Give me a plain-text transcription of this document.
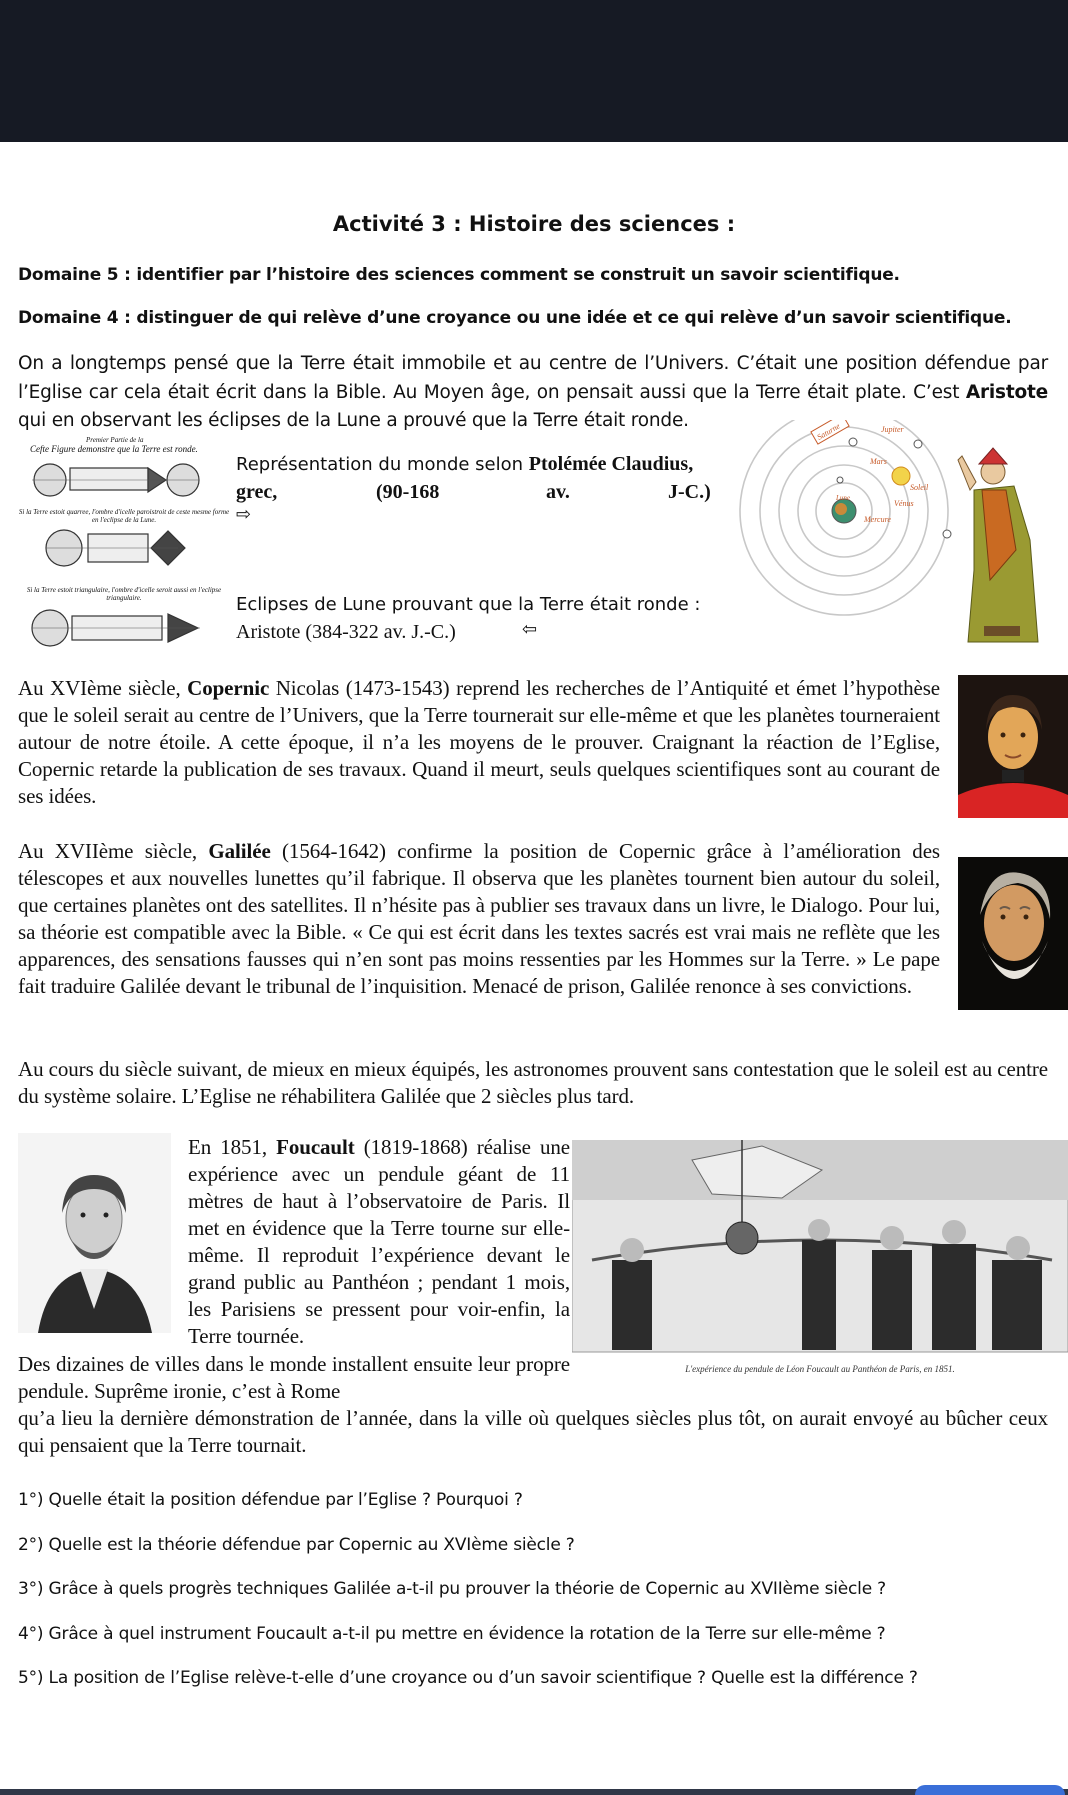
Activité 3 : Histoire des sciences :
Domaine 5 : identifier par l’histoire des sciences comment se construit un savoir scientifique.
Domaine 4 : distinguer de qui relève d’une croyance ou une idée et ce qui relève d’un savoir scientifique.
On a longtemps pensé que la Terre était immobile et au centre de l’Univers. C’était une position défendue par l’Eglise car cela était écrit dans la Bible. Au Moyen âge, on pensait aussi que la Terre était plate. C’est Aristote qui en observant les éclipses de la Lune a prouvé que la Terre était ronde.
Premier Partie de la
Cefte Figure demonstre que la Terre est ronde.
Si la Terre estoit quarree, l'ombre d'icelle paroistroit de ceste mesme forme en l'eclipse de la Lune.
Si la Terre estoit triangulaire, l'ombre d'icelle seroit aussi en l'eclipse triangulaire.
Représentation du monde selon Ptolémée Claudius,
grec,	(90-168	av.	J-C.)
⇨
Eclipses de Lune prouvant que la Terre était ronde :
Aristote (384-322 av. J.-C.)	⇦
Saturne	Jupiter
Mars
Soleil
Vénus
Mercure
Lune
Au XVIème siècle, Copernic Nicolas (1473-1543) reprend les recherches de l’Antiquité et émet l’hypothèse que le soleil serait au centre de l’Univers, que la Terre tournerait sur elle-même et que les planètes tourneraient autour de notre étoile. A cette époque, il n’a les moyens de le prouver. Craignant la réaction de l’Eglise, Copernic retarde la publication de ses travaux. Quand il meurt, seuls quelques scientifiques sont au courant de ses idées.
Au XVIIème siècle, Galilée (1564-1642) confirme la position de Copernic grâce à l’amélioration des télescopes et aux nouvelles lunettes qu’il fabrique. Il observa que les planètes tournent bien autour du soleil, que certaines planètes ont des satellites. Il n’hésite pas à publier ses travaux dans un livre, le Dialogo. Pour lui, sa théorie est compatible avec la Bible. « Ce qui est écrit dans les textes sacrés est vrai mais ne reflète que les apparences, des sensations fausses qui n’en sont pas moins ressenties par les Hommes sur la Terre. » Le pape fait traduire Galilée devant le tribunal de l’inquisition. Menacé de prison, Galilée renonce à ses convictions.
Au cours du siècle suivant, de mieux en mieux équipés, les astronomes prouvent sans contestation que le soleil est au centre du système solaire. L’Eglise ne réhabilitera Galilée que 2 siècles plus tard.
En 1851, Foucault (1819-1868) réalise une expérience avec un pendule géant de 11 mètres de haut à l’observatoire de Paris. Il met en évidence que la Terre tourne sur elle-même. Il reproduit l’expérience devant le grand public au Panthéon ; pendant 1 mois, les Parisiens se pressent pour voir-enfin, la Terre tournée.
L'expérience du pendule de Léon Foucault au Panthéon de Paris, en 1851.
Des dizaines de villes dans le monde installent ensuite leur propre pendule. Suprême ironie, c’est à Rome
qu’a lieu la dernière démonstration de l’année, dans la ville où quelques siècles plus tôt, on aurait envoyé au bûcher ceux qui pensaient que la Terre tournait.
1°) Quelle était la position défendue par l’Eglise ? Pourquoi ?
2°) Quelle est la théorie défendue par Copernic au XVIème siècle ?
3°) Grâce à quels progrès techniques Galilée a-t-il pu prouver la théorie de Copernic au XVIIème siècle ?
4°) Grâce à quel instrument Foucault a-t-il pu mettre en évidence la rotation de la Terre sur elle-même ?
5°) La position de l’Eglise relève-t-elle d’une croyance ou d’un savoir scientifique ? Quelle est la différence ?
